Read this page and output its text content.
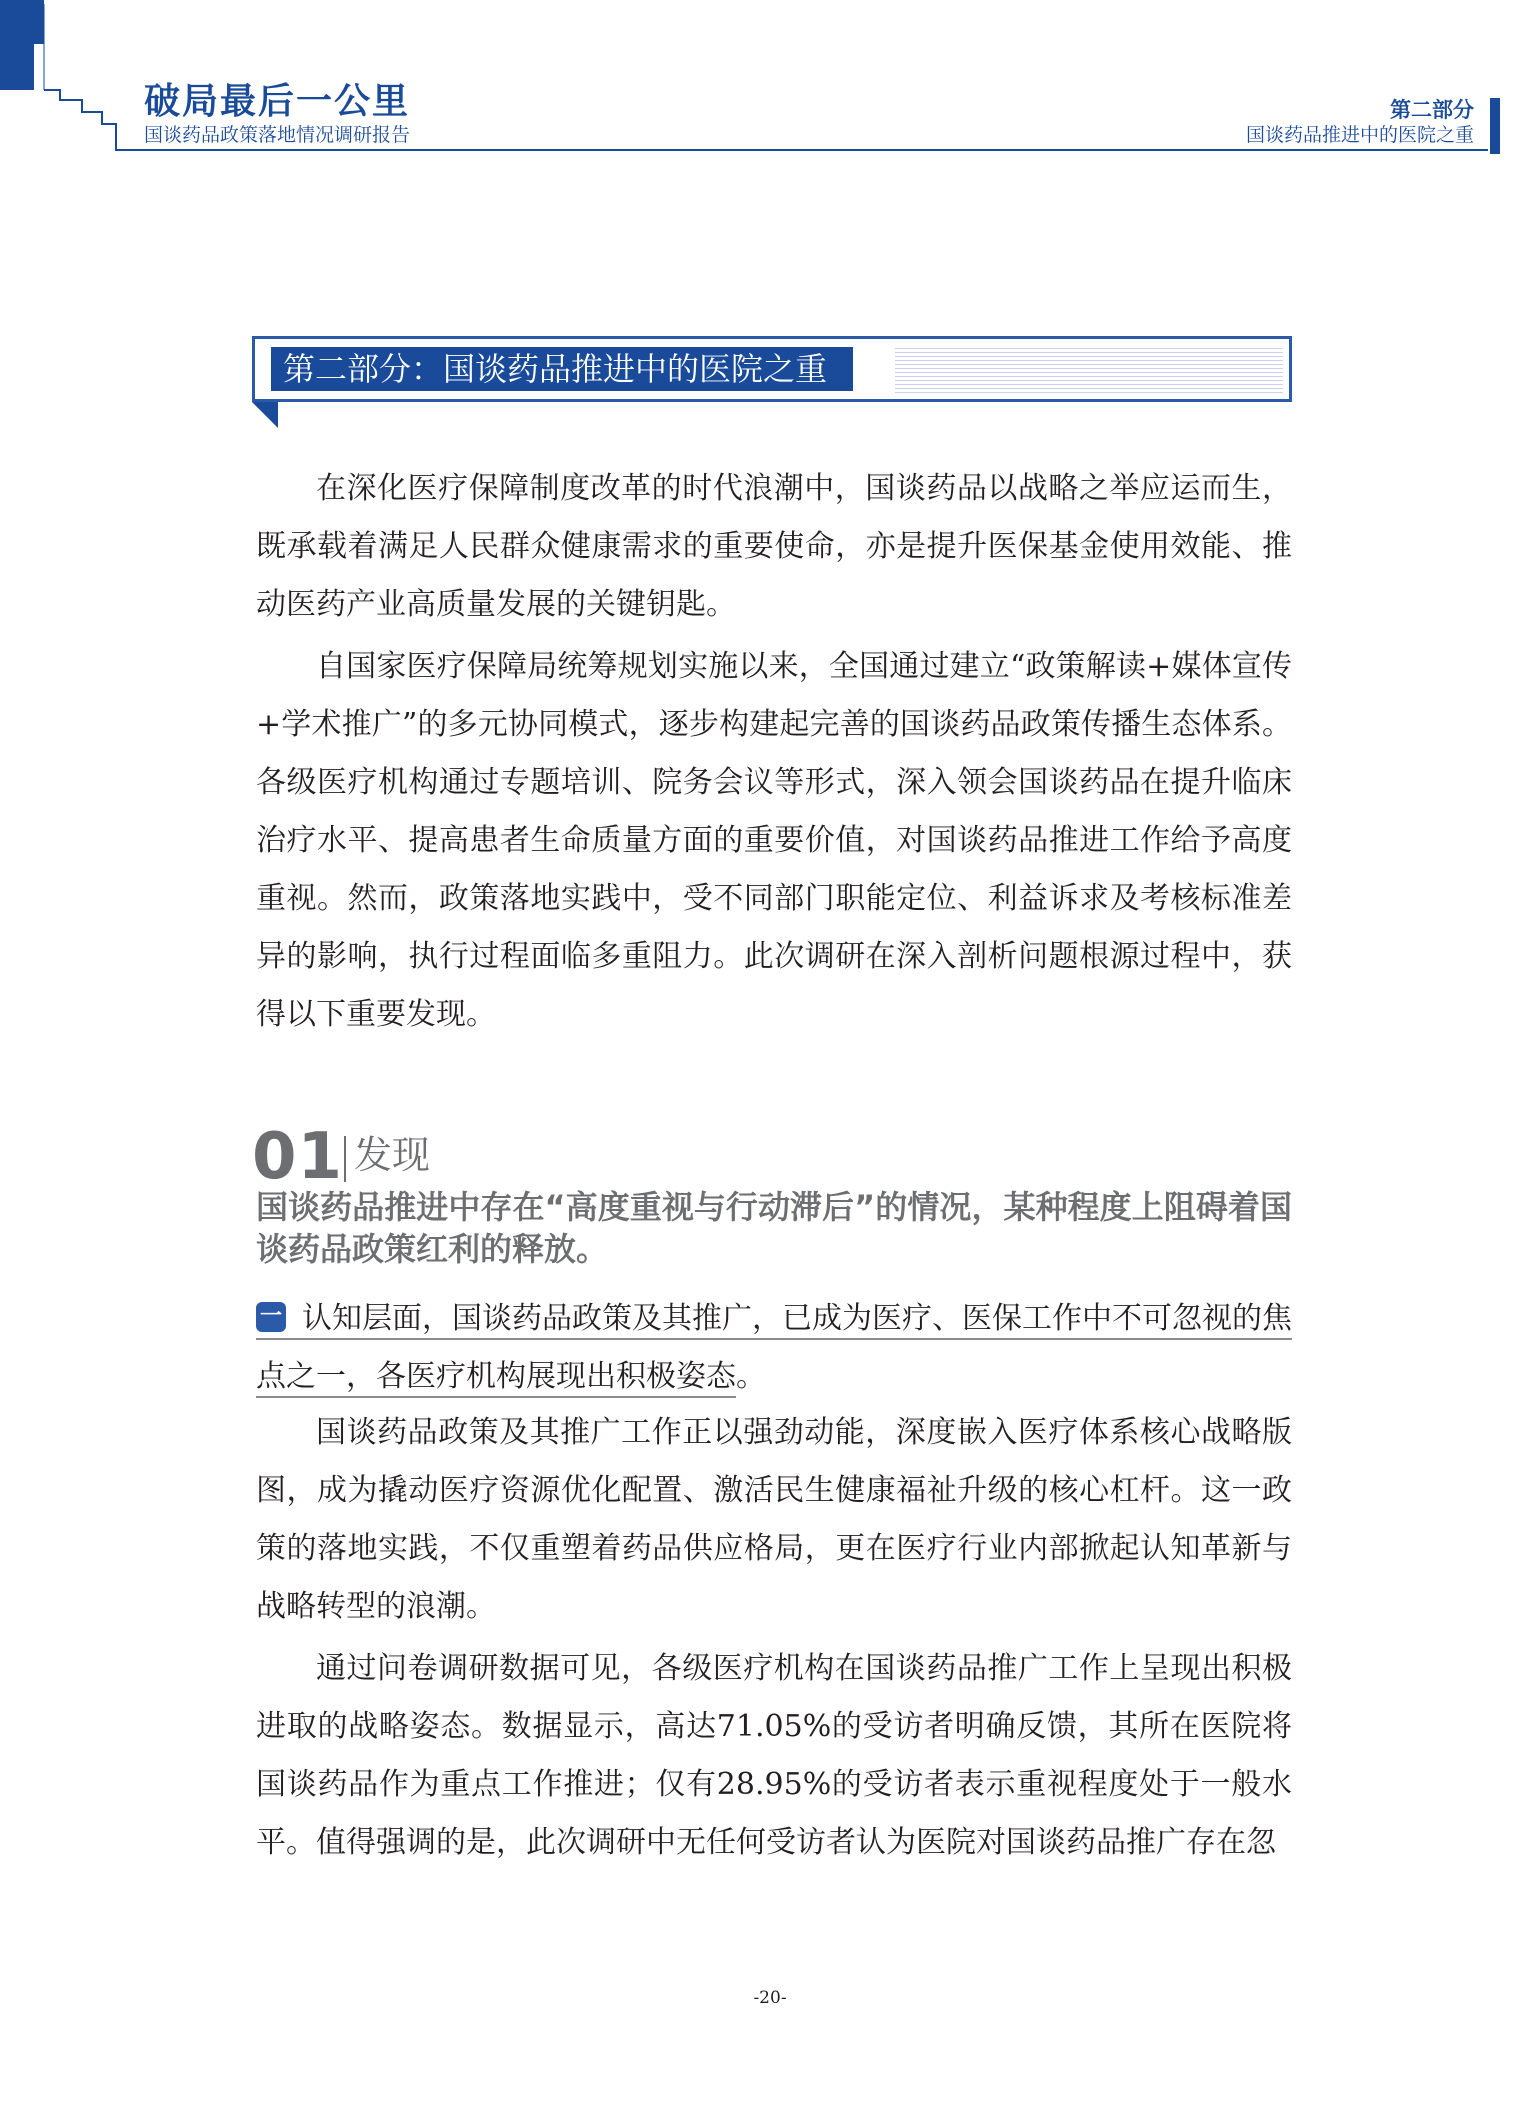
破局最后一公里
国谈药品政策落地情况调研报告
第二部分
国谈药品推进中的医院之重
第二部分：国谈药品推进中的医院之重

在深化医疗保障制度改革的时代浪潮中，国谈药品以战略之举应运而生，既承载着满足人民群众健康需求的重要使命，亦是提升医保基金使用效能、推动医药产业高质量发展的关键钥匙。

自国家医疗保障局统筹规划实施以来，全国通过建立“政策解读+媒体宣传+学术推广”的多元协同模式，逐步构建起完善的国谈药品政策传播生态体系。各级医疗机构通过专题培训、院务会议等形式，深入领会国谈药品在提升临床治疗水平、提高患者生命质量方面的重要价值，对国谈药品推进工作给予高度重视。然而，政策落地实践中，受不同部门职能定位、利益诉求及考核标准差异的影响，执行过程面临多重阻力。此次调研在深入剖析问题根源过程中，获得以下重要发现。

01 发现
国谈药品推进中存在“高度重视与行动滞后”的情况，某种程度上阻碍着国谈药品政策红利的释放。

认知层面，国谈药品政策及其推广，已成为医疗、医保工作中不可忽视的焦点之一，各医疗机构展现出积极姿态。

一

国谈药品政策及其推广工作正以强劲动能，深度嵌入医疗体系核心战略版图，成为撬动医疗资源优化配置、激活民生健康福祉升级的核心杠杆。这一政策的落地实践，不仅重塑着药品供应格局，更在医疗行业内部掀起认知革新与战略转型的浪潮。

通过问卷调研数据可见，各级医疗机构在国谈药品推广工作上呈现出积极进取的战略姿态。数据显示，高达71.05%的受访者明确反馈，其所在医院将国谈药品作为重点工作推进；仅有28.95%的受访者表示重视程度处于一般水平。值得强调的是，此次调研中无任何受访者认为医院对国谈药品推广存在忽

-20-
